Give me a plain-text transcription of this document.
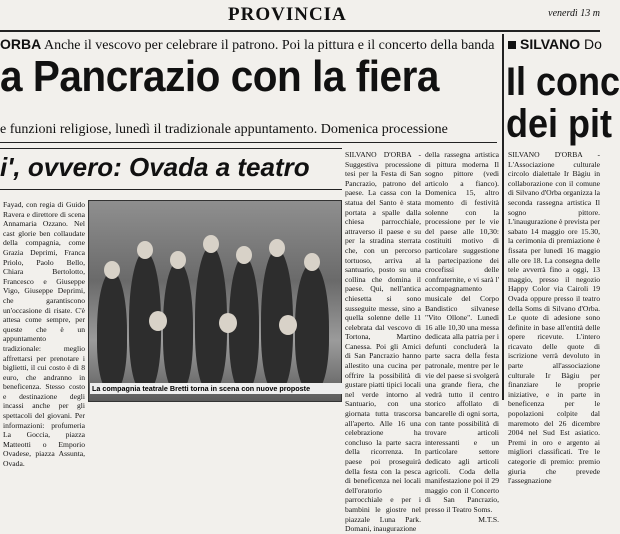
PROVINCIA	venerdì 13 m
ORBA Anche il vescovo per celebrare il patrono. Poi la pittura e il concerto della banda
a Pancrazio con la fiera
e funzioni religiose, lunedì il tradizionale appuntamento. Domenica processione
i', ovvero: Ovada a teatro

Fayad, con regia di Guido Ravera e direttore di scena Annamaria Ozzano. Nel cast glorie ben collaudate della compagnia, come Grazia Deprimi, Franca Priolo, Paolo Bello, Chiara Bertolotto, Francesco e Giuseppe Vigo, Giuseppe Deprimi, che garantiscono un'occasione di risate. C'è attesa come sempre, per queste che è un appuntamento tradizionale: meglio affrettarsi per prenotare i biglietti, il cui costo è di 8 euro, che andranno in beneficenza. Stesso costo e destinazione degli incassi anche per gli spettacoli del giovani. Per informazioni: profumeria La Goccia, piazza Matteotti o Emporio Ovadese, piazza Assunta, Ovada.

La compagnia teatrale Bretti torna in scena con nuove proposte

SILVANO D'ORBA - Suggestiva processione tesi per la Festa di San Pancrazio, patrono del paese. La cassa con la statua del Santo è stata portata a spalle dalla chiesa parrocchiale, attraverso il paese e su per la stradina sterrata che, con un percorso tortuoso, arriva al santuario, posto su una collina che domina il paese. Qui, nell'antica chiesetta si sono susseguite messe, sino a quella solenne delle 11 celebrata dal vescovo di Tortona, Martino Canessa. Poi gli Amici di San Pancrazio hanno allestito una cucina per offrire la possibilità di gustare piatti tipici locali nel verde intorno al Santuario, con una giornata tutta trascorsa all'aperto. Alle 16 una celebrazione ha concluso la parte sacra della ricorrenza. In paese poi proseguirà della festa con la pesca di beneficenza nei locali dell'oratorio parrocchiale e per i bambini le giostre nel piazzale Luna Park. Domani, inaugurazione

della rassegna artistica di pittura moderna Il sogno pittore (vedi articolo a fianco). Domenica 15, altro momento di festività solenne con la processione per le vie del paese alle 10,30: costituiti motivo di particolare suggestione la partecipazione dei crocefissi delle confraternite, e vi sarà l' accompagnamento musicale del Corpo Bandistico silvanese "Vito Ollone". Lunedì 16 alle 10,30 una messa dedicata alla patria per i defunti concluderà la parte sacra della festa patronale, mentre per le vie del paese si svolgerà una grande fiera, che vedrà tutto il centro storico affollato di bancarelle di ogni sorta, con tante possibilità di trovare articoli interessanti e un particolare settore dedicato agli articoli agricoli. Coda della manifestazione poi il 29 maggio con il Concerto di San Pancrazio, presso il Teatro Soms.

M.T.S.

SILVANO Do
Il conc
dei pit

SILVANO D'ORBA - L'Associazione culturale circolo dialettale Ir Bàgiu in collaborazione con il comune di Silvano d'Orba organizza la seconda rassegna artistica Il sogno pittore. L'inaugurazione è prevista per sabato 14 maggio ore 15.30, la cerimonia di premiazione è fissata per lunedì 16 maggio alle ore 18. La consegna delle tele avverrà fino a oggi, 13 maggio, presso il negozio Happy Color via Cairoli 19 Ovada oppure presso il teatro della Soms di Silvano d'Orba. Le quote di adesione sono definite in base all'entità delle opere ricevute. L'intero ricavato delle quote di iscrizione verrà devoluto in parte all'associazione culturale Ir Bàgiu per finanziare le proprie iniziative, e in parte in beneficenza per le popolazioni colpite dal maremoto del 26 dicembre 2004 nel Sud Est asiatico. Premi in oro e argento ai migliori classificati. Tre le categorie di premio: premio giuria che prevede l'assegnazione
